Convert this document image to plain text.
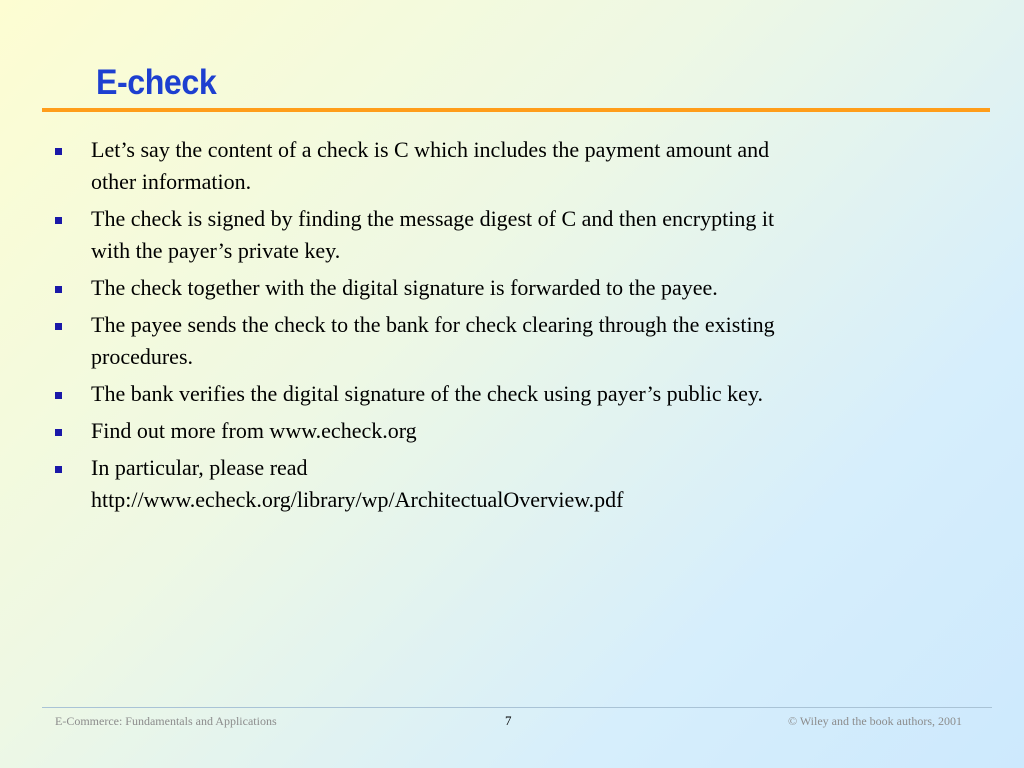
E-check
Let’s say the content of a check is C which includes the payment amount and
other information.
The check is signed by finding the message digest of C and then encrypting it
with the payer’s private key.
The check together with the digital signature is forwarded to the payee.
The payee sends the check to the bank for check clearing through the existing
procedures.
The bank verifies the digital signature of the check using payer’s public key.
Find out more from www.echeck.org
In particular, please read
http://www.echeck.org/library/wp/ArchitectualOverview.pdf
E-Commerce: Fundamentals and Applications	7	© Wiley and the book authors, 2001
